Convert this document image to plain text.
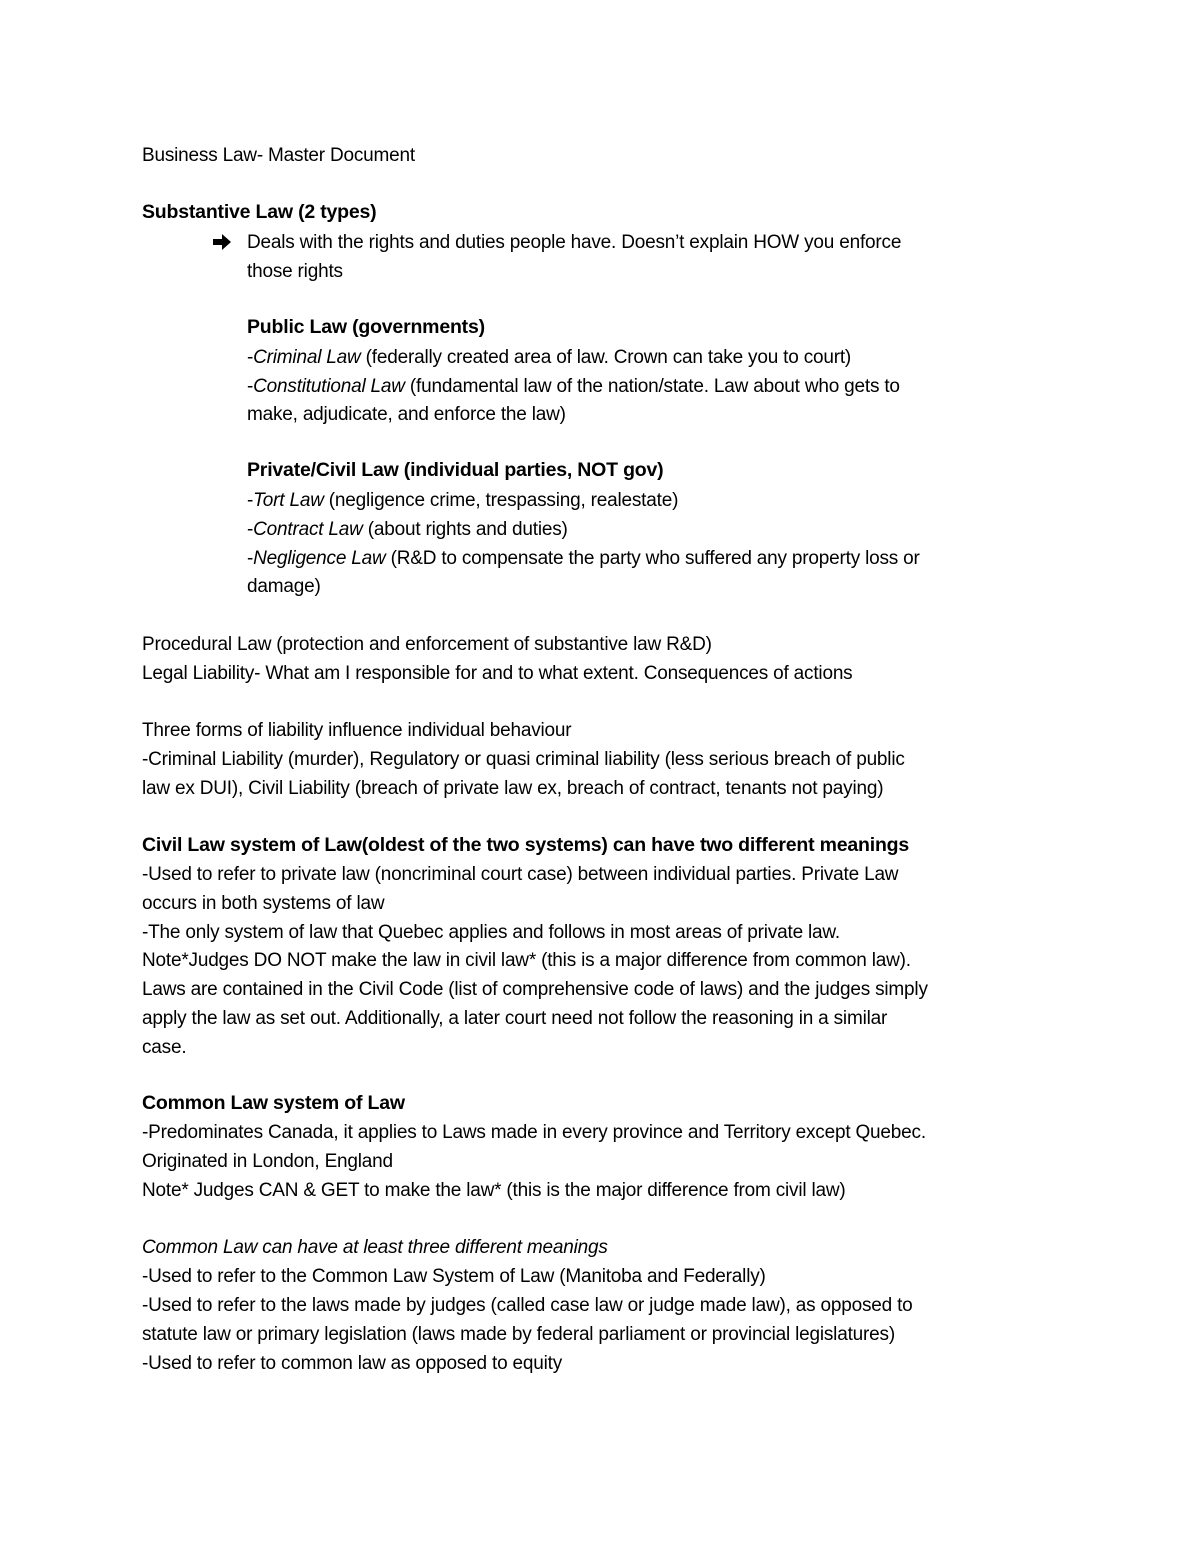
Business Law- Master Document
Substantive Law (2 types)
Deals with the rights and duties people have. Doesn’t explain HOW you enforce
those rights
Public Law (governments)
-Criminal Law (federally created area of law. Crown can take you to court)
-Constitutional Law (fundamental law of the nation/state. Law about who gets to
make, adjudicate, and enforce the law)
Private/Civil Law (individual parties, NOT gov)
-Tort Law (negligence crime, trespassing, realestate)
-Contract Law (about rights and duties)
-Negligence Law (R&D to compensate the party who suffered any property loss or
damage)
Procedural Law (protection and enforcement of substantive law R&D)
Legal Liability- What am I responsible for and to what extent. Consequences of actions
Three forms of liability influence individual behaviour
-Criminal Liability (murder), Regulatory or quasi criminal liability (less serious breach of public
law ex DUI), Civil Liability (breach of private law ex, breach of contract, tenants not paying)
Civil Law system of Law(oldest of the two systems) can have two different meanings
-Used to refer to private law (noncriminal court case) between individual parties. Private Law
occurs in both systems of law
-The only system of law that Quebec applies and follows in most areas of private law.
Note*Judges DO NOT make the law in civil law* (this is a major difference from common law).
Laws are contained in the Civil Code (list of comprehensive code of laws) and the judges simply
apply the law as set out. Additionally, a later court need not follow the reasoning in a similar
case.
Common Law system of Law
-Predominates Canada, it applies to Laws made in every province and Territory except Quebec.
Originated in London, England
Note* Judges CAN & GET to make the law* (this is the major difference from civil law)
Common Law can have at least three different meanings
-Used to refer to the Common Law System of Law (Manitoba and Federally)
-Used to refer to the laws made by judges (called case law or judge made law), as opposed to
statute law or primary legislation (laws made by federal parliament or provincial legislatures)
-Used to refer to common law as opposed to equity
